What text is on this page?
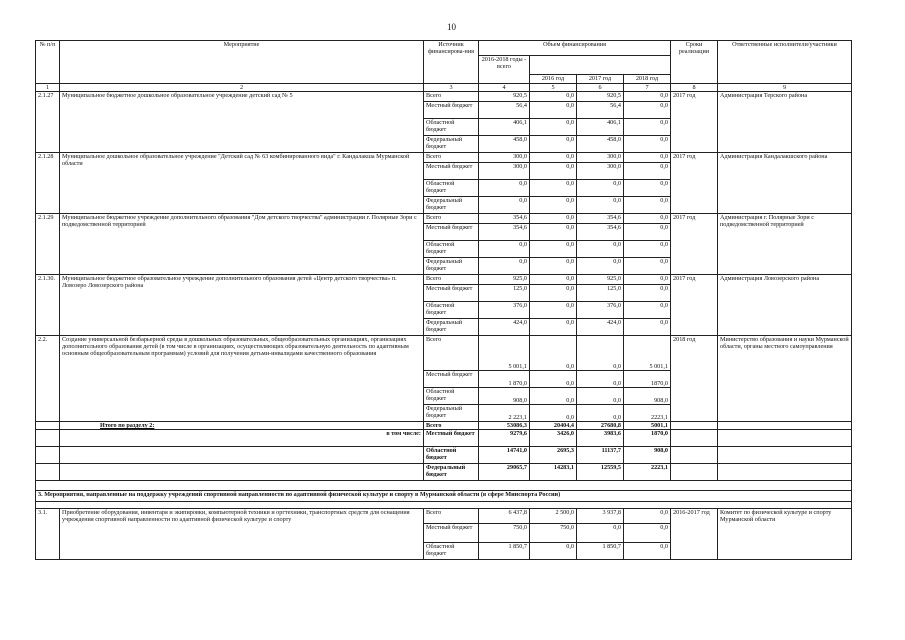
10
№ п/п	Мероприятие	Источник финансирова-ния	Объем финансирования				Сроки реализации	Ответственные исполнители/участники
			2016-2018 годы - всего					
				2016 год	2017 год	2018 год		
1	2	3	4	5	6	7	8	9
2.1.27	Муниципальное бюджетное дошкольное образовательное учреждение детский сад № 5	Всего	920,5	0,0	920,5	0,0	2017 год	Администрация Терского района
		Местный бюджет	56,4	0,0	56,4	0,0		
		Областной бюджет	406,1	0,0	406,1	0,0		
		Федеральный бюджет	458,0	0,0	458,0	0,0		
2.1.28	Муниципальное дошкольное образовательное учреждение "Детский сад № 63 комбинированного вида" г. Кандалакша Мурманской области	Всего	300,0	0,0	300,0	0,0	2017 год	Администрация Кандалакшского района
		Местный бюджет	300,0	0,0	300,0	0,0		
		Областной бюджет	0,0	0,0	0,0	0,0		
		Федеральный бюджет	0,0	0,0	0,0	0,0		
2.1.29	Муниципальное бюджетное учреждение дополнительного образования "Дом детского творчества" администрации г. Полярные Зори с подведомственной территорией	Всего	354,6	0,0	354,6	0,0	2017 год	Администрация г. Полярные Зори с подведомственной территорией
		Местный бюджет	354,6	0,0	354,6	0,0		
		Областной бюджет	0,0	0,0	0,0	0,0		
		Федеральный бюджет	0,0	0,0	0,0	0,0		
2.1.30.	Муниципальное бюджетное образовательное учреждение дополнительного образования детей «Центр детского творчества» п. Ловозеро Ловозерского района	Всего	925,0	0,0	925,0	0,0	2017 год	Администрация Ловозерского района
		Местный бюджет	125,0	0,0	125,0	0,0		
		Областной бюджет	376,0	0,0	376,0	0,0		
		Федеральный бюджет	424,0	0,0	424,0	0,0		
2.2.	Создание универсальной безбарьерной среды в дошкольных образовательных, общеобразовательных организациях, организациях дополнительного образования детей (в том числе в организациях, осуществляющих образовательную деятельность по адаптивным основным общеобразовательным программам) условий для получения детьми-инвалидами качественного образования	Всего	5 001,1	0,0	0,0	5 001,1	2018 год	Министерство образования и науки Мурманской области, органы местного самоуправления
		Местный бюджет	1 870,0	0,0	0,0	1870,0		
		Областной бюджет	908,0	0,0	0,0	908,0		
		Федеральный бюджет	2 223,1	0,0	0,0	2223,1		
	Итого по разделу 2:	Всего	53086,3	20404,4	27680,8	5001,1		
	в том числе:	Местный бюджет	9279,6	3426,0	3983,6	1870,0		
		Областной бюджет	14741,0	2695,3	11137,7	908,0		
		Федеральный бюджет	29065,7	14283,1	12559,5	2223,1		

3. Мероприятия, направленные на поддержку учреждений спортивной направленности по адаптивной физической культуре и спорту в Мурманской области (в сфере Минспорта России)								

3.1.	Приобретение оборудования, инвентаря и экипировки, компьютерной техники и оргтехники, транспортных средств для оснащения учреждения спортивной направленности по адаптивной физической культуре и спорту	Всего	6 437,8	2 500,0	3 937,8	0,0	2016-2017 год	Комитет по физической культуре и спорту Мурманской области
		Местный бюджет	750,0	750,0	0,0	0,0		
		Областной бюджет	1 850,7	0,0	1 850,7	0,0		
